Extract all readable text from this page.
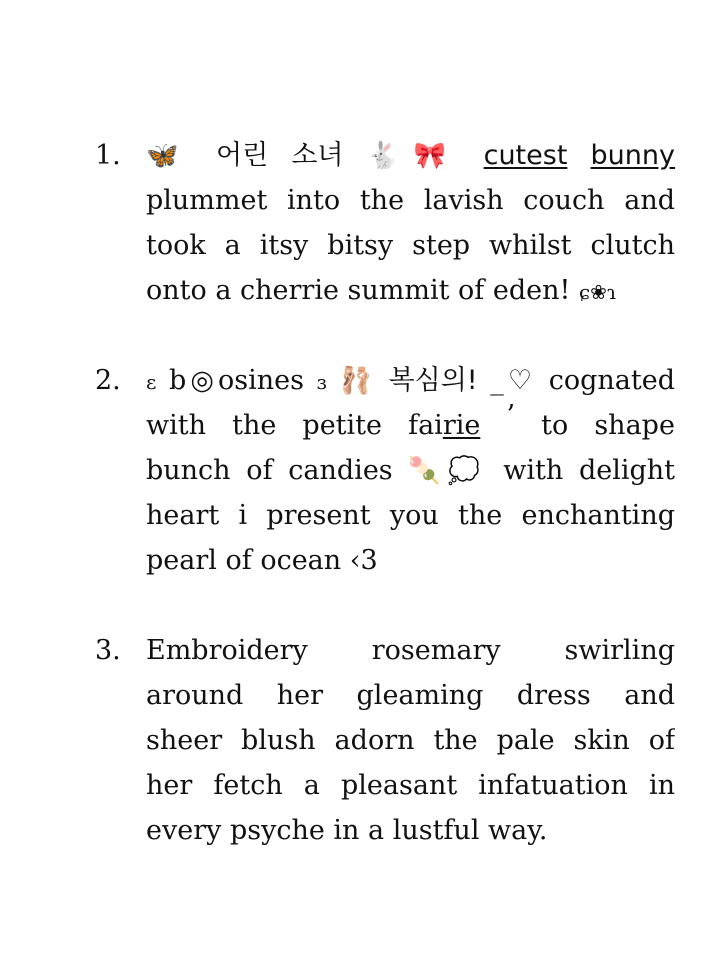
1. 🦋 어린 소녀 🐇🎀 cutest bunny
plummet into the lavish couch and
took a itsy bitsy step whilst clutch
onto a cherrie summit of eden! ɕ❀ɿ
2. ɛ b◎osines ɜ 🩰 복심의! _♡ cognated
with the petite fairie ’ to shape
bunch of candies 🍡💭 with delight
heart i present you the enchanting
pearl of ocean ‹3
3. Embroidery rosemary swirling
around her gleaming dress and
sheer blush adorn the pale skin of
her fetch a pleasant infatuation in
every psyche in a lustful way.
